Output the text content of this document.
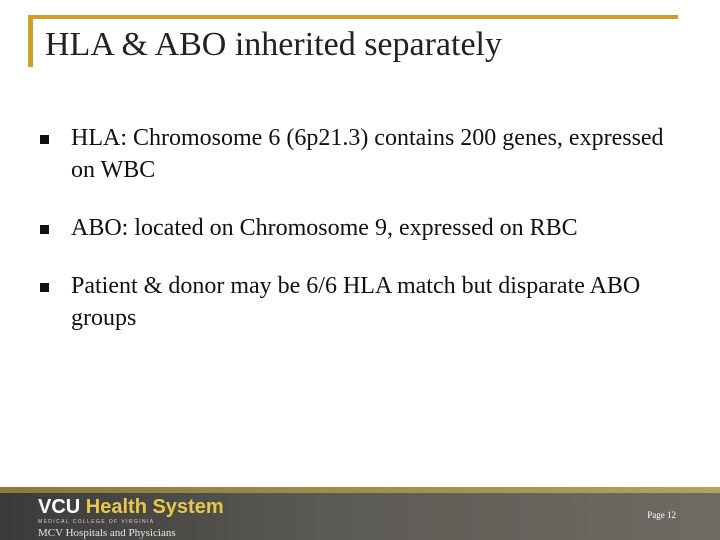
HLA & ABO inherited separately
HLA: Chromosome 6 (6p21.3) contains 200 genes, expressed on WBC
ABO: located on Chromosome 9, expressed on RBC
Patient & donor may be 6/6 HLA match but disparate ABO groups
VCU Health System
MEDICAL COLLEGE OF VIRGINIA
MCV Hospitals and Physicians
Page 12
